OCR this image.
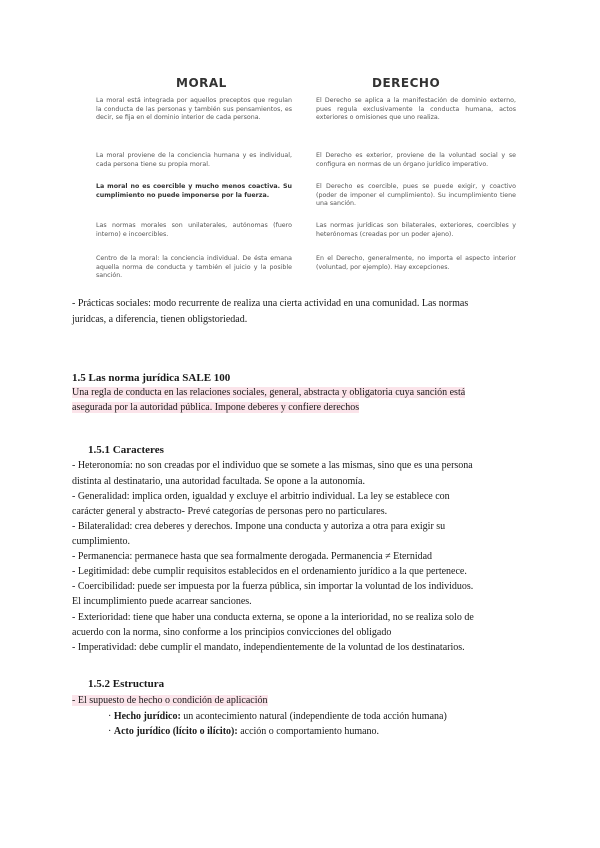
MORAL	DERECHO
La moral está integrada por aquellos preceptos que regulan la conducta de las personas y también sus pensamientos, es decir, se fija en el dominio interior de cada persona.
El Derecho se aplica a la manifestación de dominio externo, pues regula exclusivamente la conducta humana, actos exteriores o omisiones que uno realiza.
La moral proviene de la conciencia humana y es individual, cada persona tiene su propia moral.
El Derecho es exterior, proviene de la voluntad social y se configura en normas de un órgano jurídico imperativo.
La moral no es coercible y mucho menos coactiva. Su cumplimiento no puede imponerse por la fuerza.
El Derecho es coercible, pues se puede exigir, y coactivo (poder de imponer el cumplimiento). Su incumplimiento tiene una sanción.
Las normas morales son unilaterales, autónomas (fuero interno) e incoercibles.
Las normas jurídicas son bilaterales, exteriores, coercibles y heterónomas (creadas por un poder ajeno).
Centro de la moral: la conciencia individual. De ésta emana aquella norma de conducta y también el juicio y la posible sanción.
En el Derecho, generalmente, no importa el aspecto interior (voluntad, por ejemplo). Hay excepciones.
- Prácticas sociales: modo recurrente de realiza una cierta actividad en una comunidad. Las normas
juridcas, a diferencia, tienen obligstoriedad.
1.5 Las norma jurídica SALE 100
Una regla de conducta en las relaciones sociales, general, abstracta y obligatoria cuya sanción está
asegurada por la autoridad pública. Impone deberes y confiere derechos
1.5.1 Caracteres
- Heteronomía: no son creadas por el individuo que se somete a las mismas, sino que es una persona
distinta al destinatario, una autoridad facultada. Se opone a la autonomía.
- Generalidad: implica orden, igualdad y excluye el arbitrio individual. La ley se establece con
carácter general y abstracto- Prevé categorías de personas pero no particulares.
- Bilateralidad: crea deberes y derechos. Impone una conducta y autoriza a otra para exigir su
cumplimiento.
- Permanencia: permanece hasta que sea formalmente derogada. Permanencia ≠ Eternidad
- Legitimidad: debe cumplir requisitos establecidos en el ordenamiento jurídico a la que pertenece.
- Coercibilidad: puede ser impuesta por la fuerza pública, sin importar la voluntad de los individuos.
El incumplimiento puede acarrear sanciones.
- Exterioridad: tiene que haber una conducta externa, se opone a la interioridad, no se realiza solo de
acuerdo con la norma, sino conforme a los principios convicciones del obligado
- Imperatividad: debe cumplir el mandato, independientemente de la voluntad de los destinatarios.
1.5.2 Estructura
- El supuesto de hecho o condición de aplicación
· Hecho jurídico: un acontecimiento natural (independiente de toda acción humana)
· Acto jurídico (lícito o ilícito): acción o comportamiento humano.
